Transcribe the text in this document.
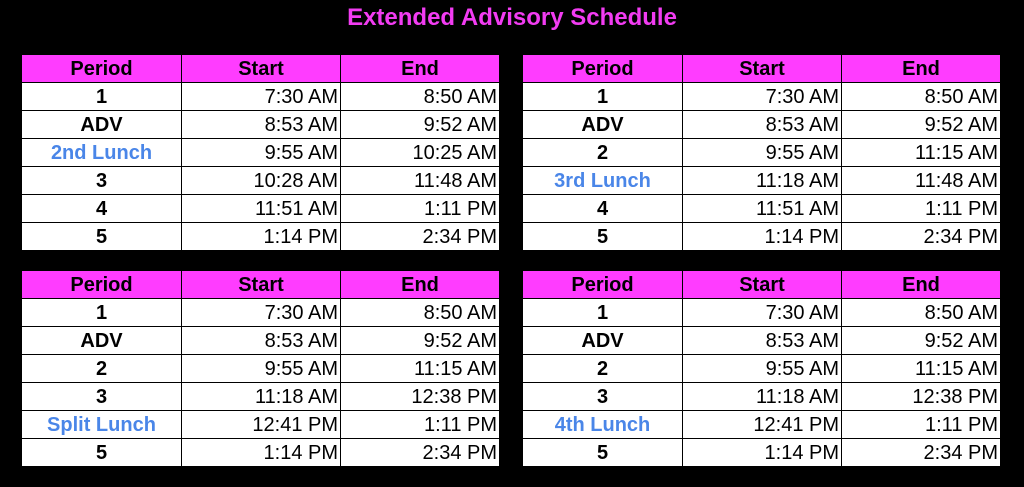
Extended Advisory Schedule
Period	Start	End
1	7:30 AM	8:50 AM
ADV	8:53 AM	9:52 AM
2nd Lunch	9:55 AM	10:25 AM
3	10:28 AM	11:48 AM
4	11:51 AM	1:11 PM
5	1:14 PM	2:34 PM
Period	Start	End
1	7:30 AM	8:50 AM
ADV	8:53 AM	9:52 AM
2	9:55 AM	11:15 AM
3rd Lunch	11:18 AM	11:48 AM
4	11:51 AM	1:11 PM
5	1:14 PM	2:34 PM
Period	Start	End
1	7:30 AM	8:50 AM
ADV	8:53 AM	9:52 AM
2	9:55 AM	11:15 AM
3	11:18 AM	12:38 PM
Split Lunch	12:41 PM	1:11 PM
5	1:14 PM	2:34 PM
Period	Start	End
1	7:30 AM	8:50 AM
ADV	8:53 AM	9:52 AM
2	9:55 AM	11:15 AM
3	11:18 AM	12:38 PM
4th Lunch	12:41 PM	1:11 PM
5	1:14 PM	2:34 PM
